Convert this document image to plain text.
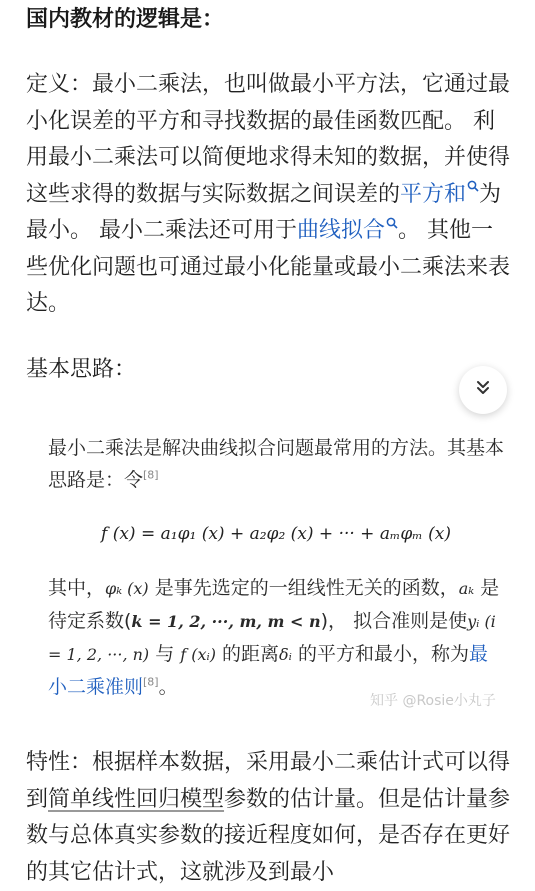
国内教材的逻辑是：
定义：最小二乘法，也叫做最小平方法，它通过最小化误差的平方和寻找数据的最佳函数匹配。 利用最小二乘法可以简便地求得未知的数据，并使得这些求得的数据与实际数据之间误差的平方和 为最小。 最小二乘法还可用于曲线拟合 。 其他一些优化问题也可通过最小化能量或最小二乘法来表达。
基本思路：
最小二乘法是解决曲线拟合问题最常用的方法。其基本思路是：令[8]
f (x) = a₁φ₁ (x) + a₂φ₂ (x) + ··· + aₘφₘ (x)
其中，φₖ (x) 是事先选定的一组线性无关的函数，aₖ 是待定系数(k = 1, 2, ···, m, m < n)， 拟合准则是使yᵢ (i = 1, 2, ···, n) 与 f (xᵢ) 的距离δᵢ 的平方和最小，称为最小二乘准则[8]。
知乎 @Rosie小丸子
特性：根据样本数据，采用最小二乘估计式可以得到简单线性回归模型参数的估计量。但是估计量参数与总体真实参数的接近程度如何，是否存在更好的其它估计式，这就涉及到最小
